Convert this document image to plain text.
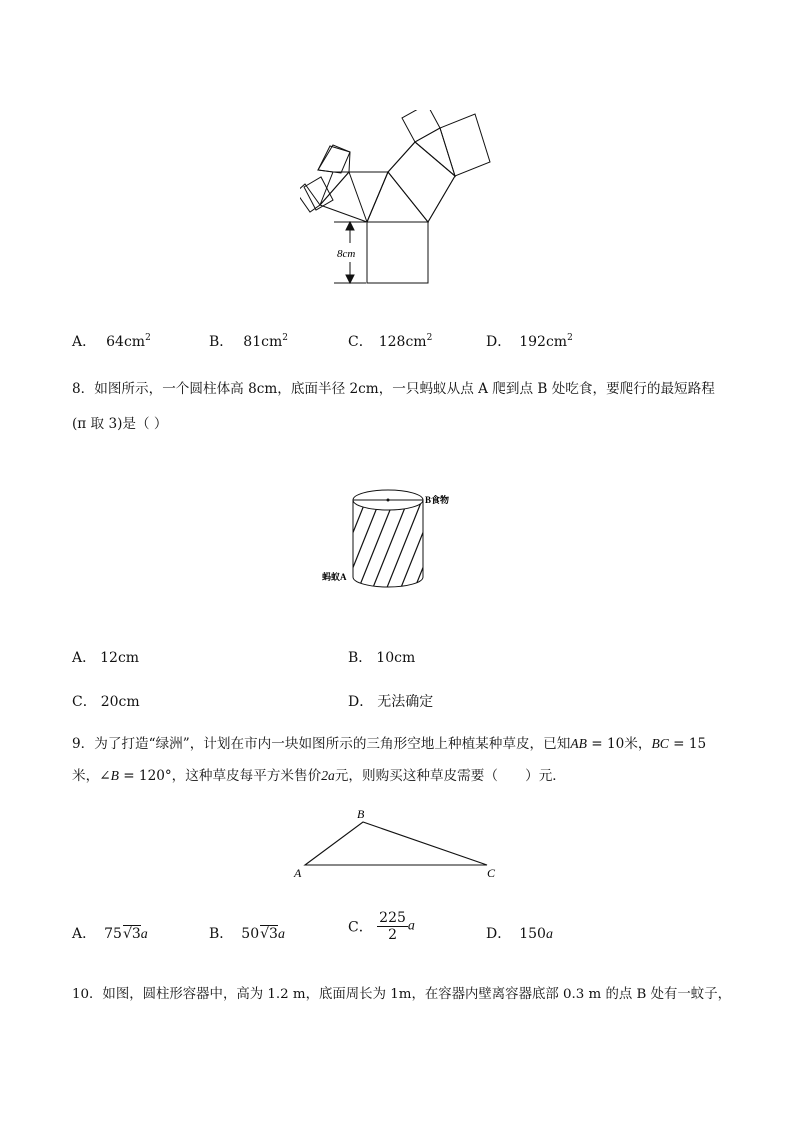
8cm
A． $64cm^2$	B． $81cm^2$	C． $128cm^2$	D． $192cm^2$
8．如图所示，一个圆柱体高 8cm，底面半径 2cm，一只蚂蚁从点 A 爬到点 B 处吃食，要爬行的最短路程
(π 取 3)是（ ）
B食物
蚂蚁A
A． 12cm	B． 10cm
C． 20cm	D． 无法确定
9．为了打造“绿洲”，计划在市内一块如图所示的三角形空地上种植某种草皮，已知AB = 10米，BC = 15
米，∠B = 120°，这种草皮每平方米售价2a元，则购买这种草皮需要（　　）元．
B
A	C
A． 75√3a	B． 50√3a	C． $\frac{225}{2}$ a	D． 150a
10．如图，圆柱形容器中，高为 1.2 m，底面周长为 1m，在容器内壁离容器底部 0.3 m 的点 B 处有一蚊子，
